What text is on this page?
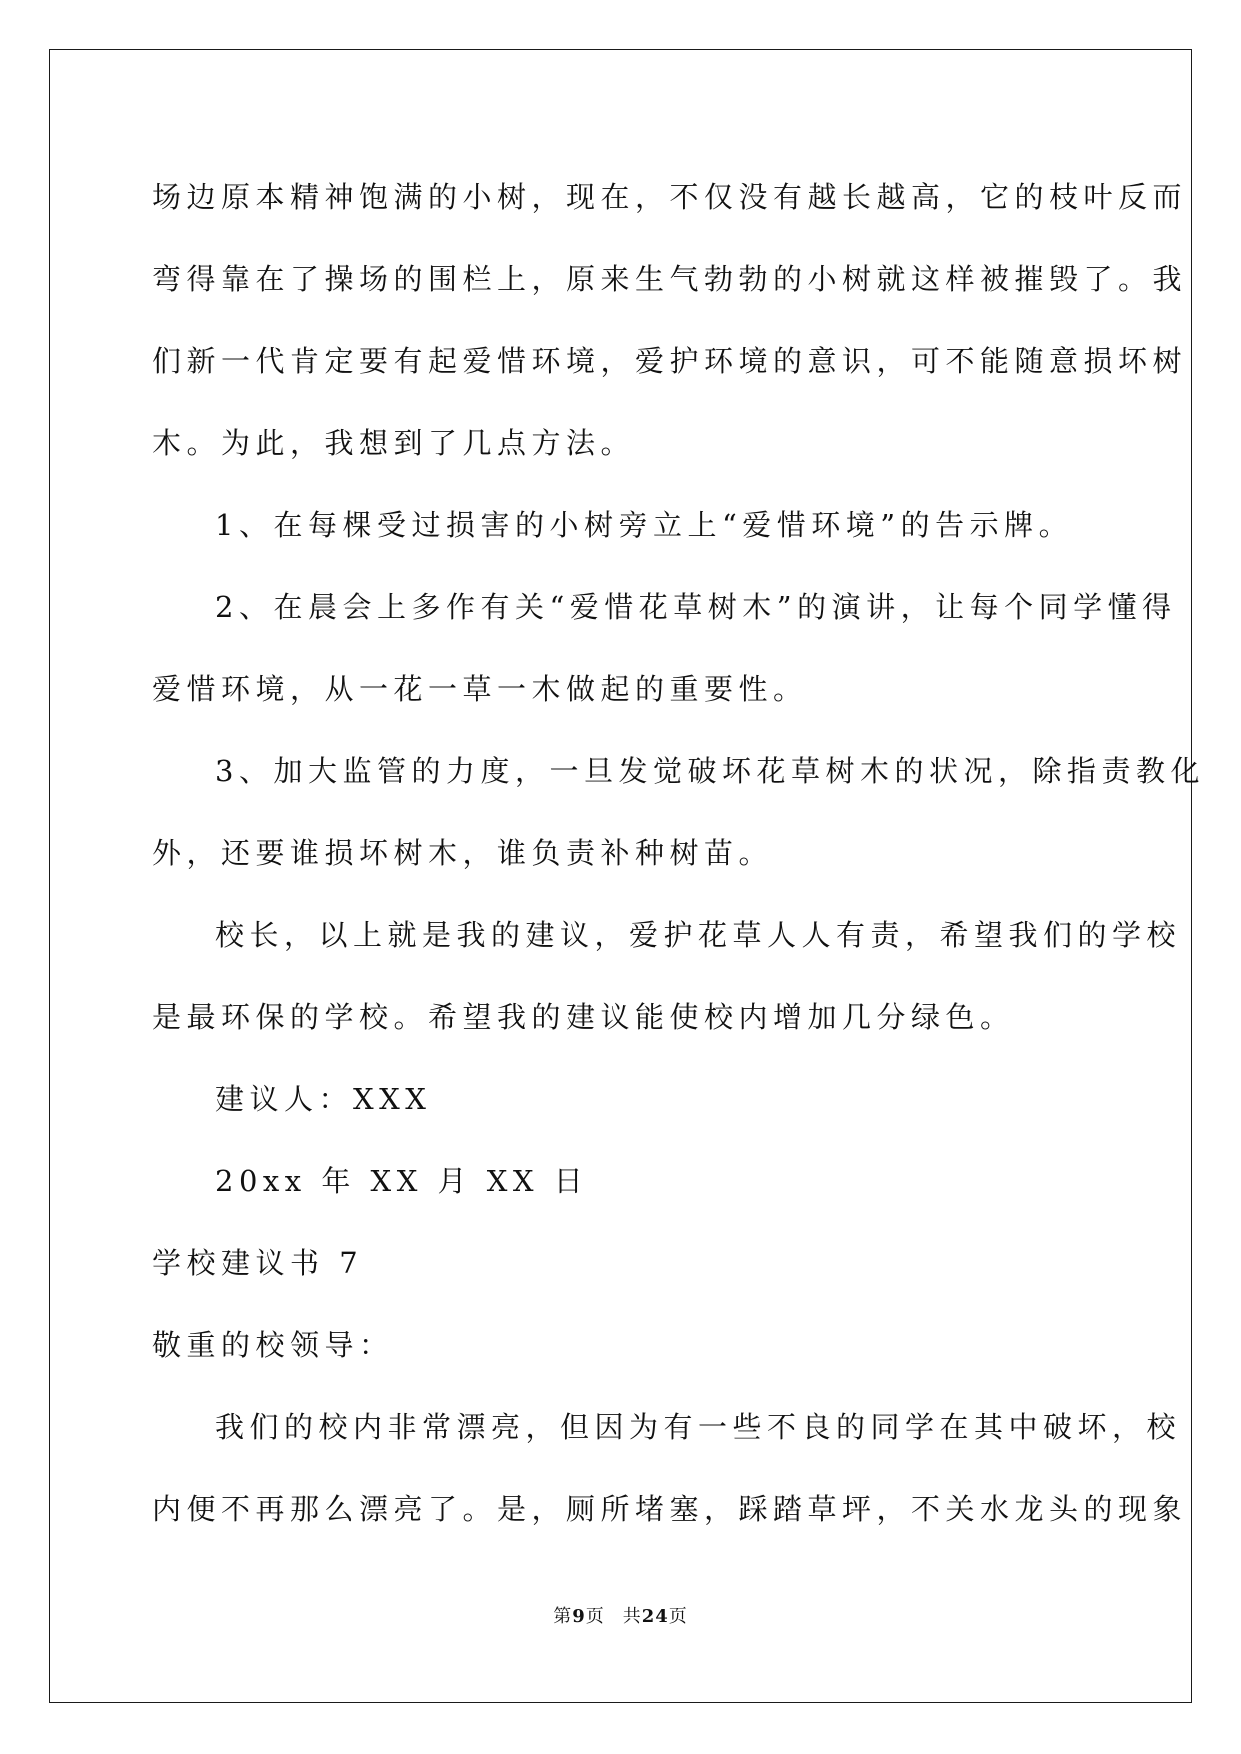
场边原本精神饱满的小树，现在，不仅没有越长越高，它的枝叶反而
弯得靠在了操场的围栏上，原来生气勃勃的小树就这样被摧毁了。我
们新一代肯定要有起爱惜环境，爱护环境的意识，可不能随意损坏树
木。为此，我想到了几点方法。
1、在每棵受过损害的小树旁立上“爱惜环境”的告示牌。
2、在晨会上多作有关“爱惜花草树木”的演讲，让每个同学懂得
爱惜环境，从一花一草一木做起的重要性。
3、加大监管的力度，一旦发觉破坏花草树木的状况，除指责教化
外，还要谁损坏树木，谁负责补种树苗。
校长，以上就是我的建议，爱护花草人人有责，希望我们的学校
是最环保的学校。希望我的建议能使校内增加几分绿色。
建议人：XXX
20xx 年 XX 月 XX 日
学校建议书 7
敬重的校领导：
我们的校内非常漂亮，但因为有一些不良的同学在其中破坏，校
内便不再那么漂亮了。是，厕所堵塞，踩踏草坪，不关水龙头的现象
第9页 共24页
